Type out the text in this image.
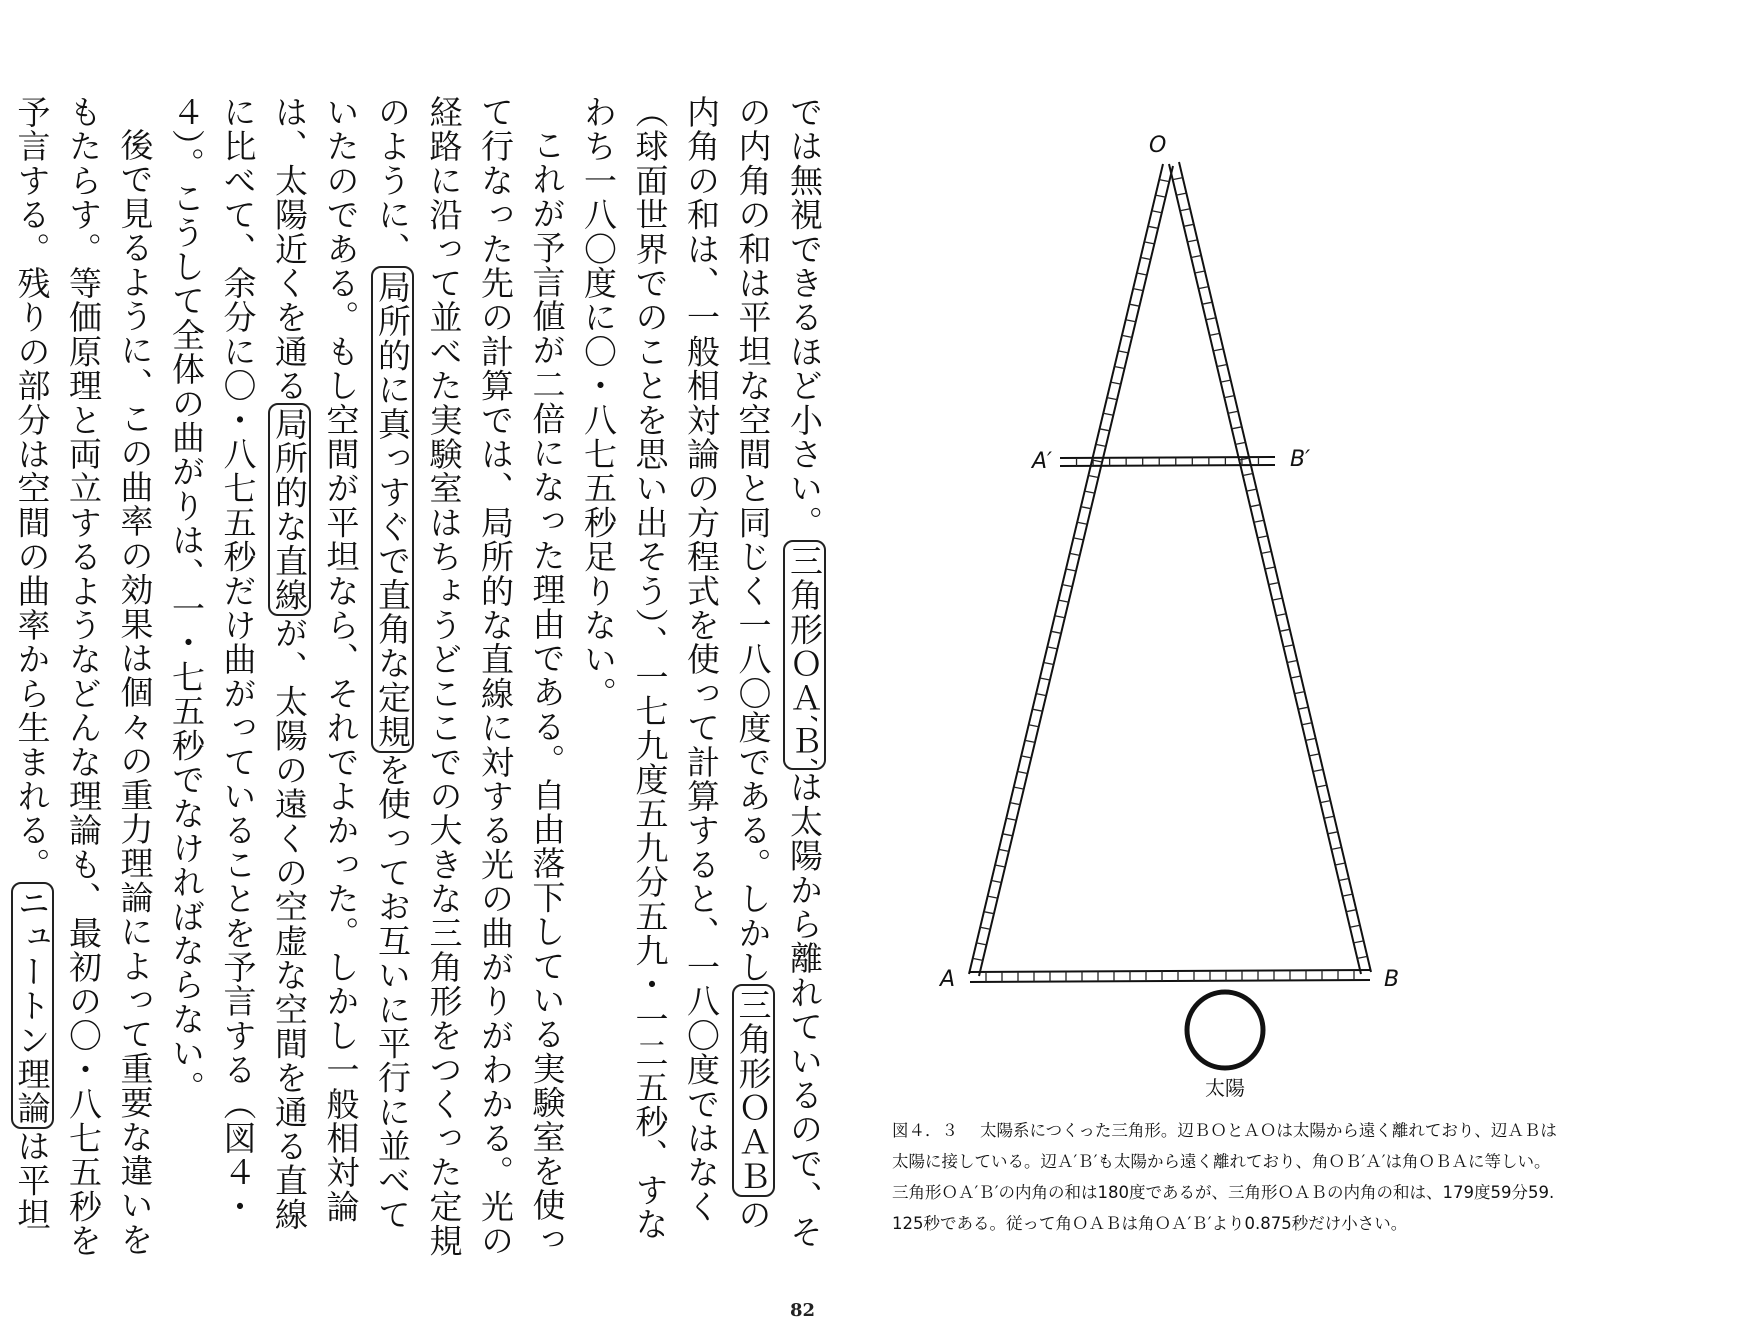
では無視できるほど小さい。三角形ＯＡ′Ｂ′は太陽から離れているので、その内角の和は平坦な空間と同じく一八〇度である。しかし三角形ＯＡＢの内角の和は、一般相対論の方程式を使って計算すると、一八〇度ではなく（球面世界でのことを思い出そう）、一七九度五九分五九・一二五秒、すなわち一八〇度に〇・八七五秒足りない。

これが予言値が二倍になった理由である。自由落下している実験室を使って行なった先の計算では、局所的な直線に対する光の曲がりがわかる。光の経路に沿って並べた実験室はちょうどここでの大きな三角形をつくった定規のように、局所的に真っすぐで直角な定規を使ってお互いに平行に並べていたのである。もし空間が平坦なら、それでよかった。しかし一般相対論は、太陽近くを通る局所的な直線が、太陽の遠くの空虚な空間を通る直線に比べて、余分に〇・八七五秒だけ曲がっていることを予言する（図４・４）。こうして全体の曲がりは、一・七五秒でなければならない。

後で見るように、この曲率の効果は個々の重力理論によって重要な違いをもたらす。等価原理と両立するようなどんな理論も、最初の〇・八七五秒を予言する。残りの部分は空間の曲率から生まれる。ニュートン理論は平坦

82
O
A′	B′
A	B
太陽

図４．３ 太陽系につくった三角形。辺ＢＯとＡＯは太陽から遠く離れており、辺ＡＢは
太陽に接している。辺Ａ′Ｂ′も太陽から遠く離れており、角ＯＢ′Ａ′は角ＯＢＡに等しい。
三角形ＯＡ′Ｂ′の内角の和は180度であるが、三角形ＯＡＢの内角の和は、179度59分59.
125秒である。従って角ＯＡＢは角ＯＡ′Ｂ′より0.875秒だけ小さい。
